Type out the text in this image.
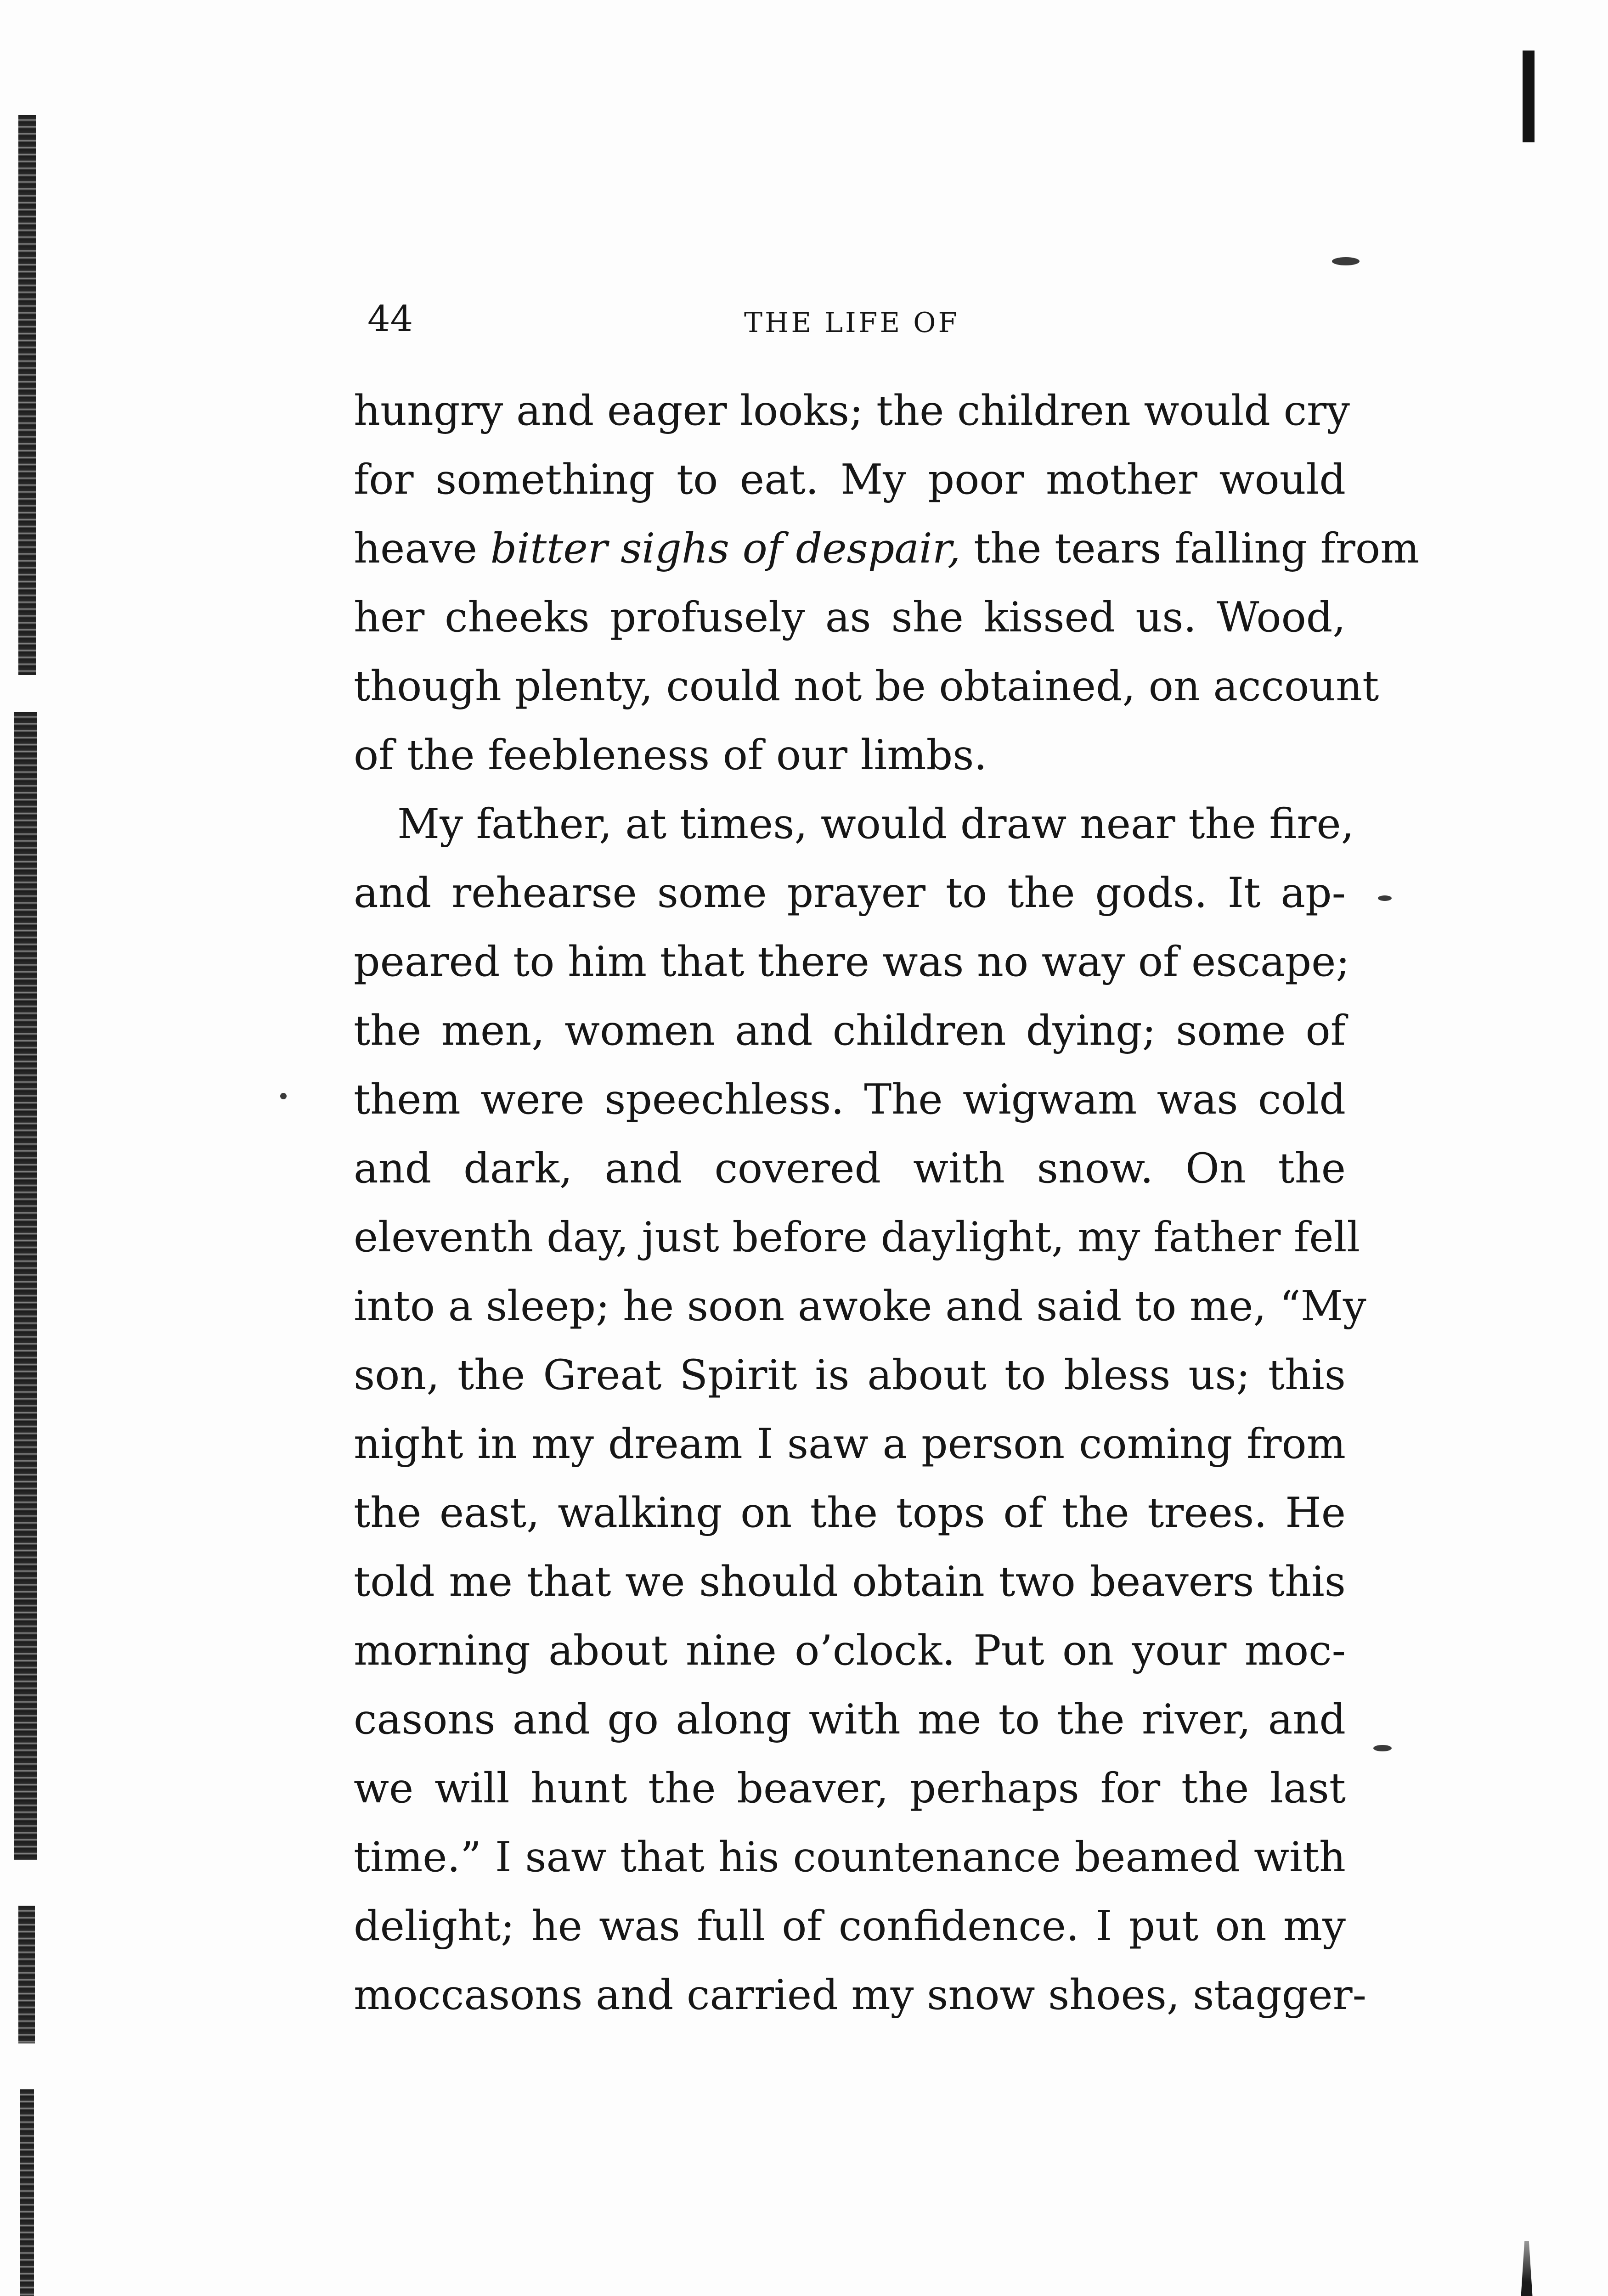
44	THE LIFE OF
hungry and eager looks; the children would cry
for something to eat. My poor mother would
heave bitter sighs of despair, the tears falling from
her cheeks profusely as she kissed us. Wood,
though plenty, could not be obtained, on account
of the feebleness of our limbs.
My father, at times, would draw near the fire,
and rehearse some prayer to the gods. It ap-
peared to him that there was no way of escape;
the men, women and children dying; some of
them were speechless. The wigwam was cold
and dark, and covered with snow. On the
eleventh day, just before daylight, my father fell
into a sleep; he soon awoke and said to me, “My
son, the Great Spirit is about to bless us; this
night in my dream I saw a person coming from
the east, walking on the tops of the trees. He
told me that we should obtain two beavers this
morning about nine o’clock. Put on your moc-
casons and go along with me to the river, and
we will hunt the beaver, perhaps for the last
time.” I saw that his countenance beamed with
delight; he was full of confidence. I put on my
moccasons and carried my snow shoes, stagger-
